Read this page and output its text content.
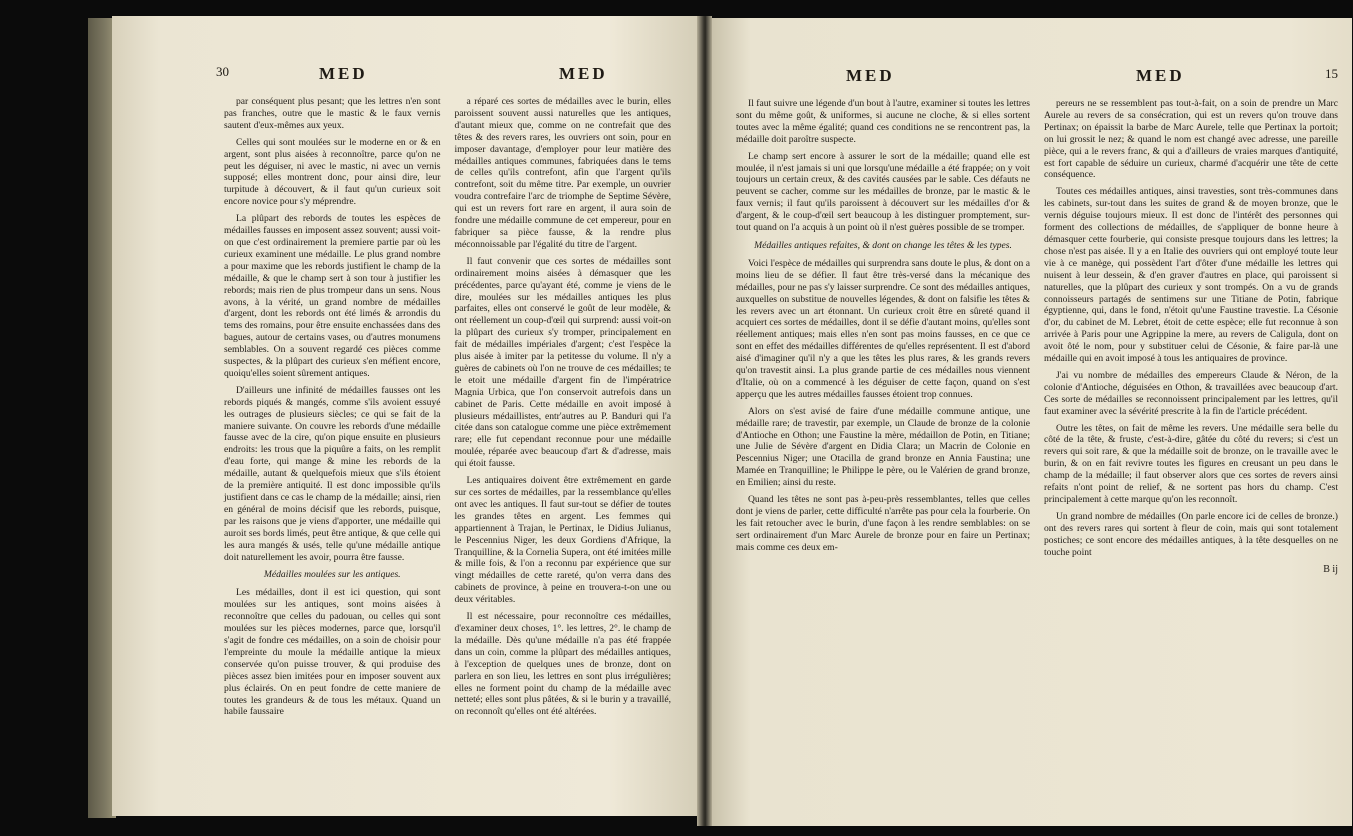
30	MED	MED

par conséquent plus pesant; que les lettres n'en sont pas franches, outre que le mastic & le faux vernis sautent d'eux-mêmes aux yeux.

Celles qui sont moulées sur le moderne en or & en argent, sont plus aisées à reconnoître, parce qu'on ne peut les déguiser, ni avec le mastic, ni avec un vernis supposé; elles montrent donc, pour ainsi dire, leur turpitude à découvert, & il faut qu'un curieux soit encore novice pour s'y méprendre.

La plûpart des rebords de toutes les espèces de médailles fausses en imposent assez souvent; aussi voit-on que c'est ordinairement la premiere partie par où les curieux examinent une médaille. Le plus grand nombre a pour maxime que les rebords justifient le champ de la médaille, & que le champ sert à son tour à justifier les rebords; mais rien de plus trompeur dans un sens. Nous avons, à la vérité, un grand nombre de médailles d'argent, dont les rebords ont été limés & arrondis du tems des romains, pour être ensuite enchassées dans des bagues, autour de certains vases, ou d'autres monumens semblables. On a souvent regardé ces pièces comme suspectes, & la plûpart des curieux s'en méfient encore, quoiqu'elles soient sûrement antiques.

D'ailleurs une infinité de médailles fausses ont les rebords piqués & mangés, comme s'ils avoient essuyé les outrages de plusieurs siècles; ce qui se fait de la maniere suivante. On couvre les rebords d'une médaille fausse avec de la cire, qu'on pique ensuite en plusieurs endroits: les trous que la piquûre a faits, on les remplit d'eau forte, qui mange & mine les rebords de la médaille, autant & quelquefois mieux que s'ils étoient de la première antiquité. Il est donc impossible qu'ils justifient dans ce cas le champ de la médaille; ainsi, rien en général de moins décisif que les rebords, puisque, par les raisons que je viens d'apporter, une médaille qui auroit ses bords limés, peut être antique, & que celle qui les aura mangés & usés, telle qu'une médaille antique doit naturellement les avoir, pourra être fausse.

Médailles moulées sur les antiques.

Les médailles, dont il est ici question, qui sont moulées sur les antiques, sont moins aisées à reconnoître que celles du padouan, ou celles qui sont moulées sur les pièces modernes, parce que, lorsqu'il s'agit de fondre ces médailles, on a soin de choisir pour l'empreinte du moule la médaille antique la mieux conservée qu'on puisse trouver, & qui produise des pièces assez bien imitées pour en imposer souvent aux plus éclairés. On en peut fondre de cette maniere de toutes les grandeurs & de tous les métaux. Quand un habile faussaire

a réparé ces sortes de médailles avec le burin, elles paroissent souvent aussi naturelles que les antiques, d'autant mieux que, comme on ne contrefait que des têtes & des revers rares, les ouvriers ont soin, pour en imposer davantage, d'employer pour leur matière des médailles antiques communes, fabriquées dans le tems de celles qu'ils contrefont, afin que l'argent qu'ils contrefont, soit du même titre. Par exemple, un ouvrier voudra contrefaire l'arc de triomphe de Septime Sévère, qui est un revers fort rare en argent, il aura soin de fondre une médaille commune de cet empereur, pour en fabriquer sa pièce fausse, & la rendre plus méconnoissable par l'égalité du titre de l'argent.

Il faut convenir que ces sortes de médailles sont ordinairement moins aisées à démasquer que les précédentes, parce qu'ayant été, comme je viens de le dire, moulées sur les médailles antiques les plus parfaites, elles ont conservé le goût de leur modèle, & ont réellement un coup-d'œil qui surprend: aussi voit-on la plûpart des curieux s'y tromper, principalement en fait de médailles impériales d'argent; c'est l'espèce la plus aisée à imiter par la petitesse du volume. Il n'y a guères de cabinets où l'on ne trouve de ces médailles; te le etoit une médaille d'argent fin de l'impératrice Magnia Urbica, que l'on conservoit autrefois dans un cabinet de Paris. Cette médaille en avoit imposé à plusieurs médaillistes, entr'autres au P. Banduri qui l'a citée dans son catalogue comme une pièce extrêmement rare; elle fut cependant reconnue pour une médaille moulée, réparée avec beaucoup d'art & d'adresse, mais qui étoit fausse.

Les antiquaires doivent être extrêmement en garde sur ces sortes de médailles, par la ressemblance qu'elles ont avec les antiques. Il faut sur-tout se défier de toutes les grandes têtes en argent. Les femmes qui appartiennent à Trajan, le Pertinax, le Didius Julianus, le Pescennius Niger, les deux Gordiens d'Afrique, la Tranquilline, & la Cornelia Supera, ont été imitées mille & mille fois, & l'on a reconnu par expérience que sur vingt médailles de cette rareté, qu'on verra dans des cabinets de province, à peine en trouvera-t-on une ou deux véritables.

Il est nécessaire, pour reconnoître ces médailles, d'examiner deux choses, 1°. les lettres, 2°. le champ de la médaille. Dès qu'une médaille n'a pas été frappée dans un coin, comme la plûpart des médailles antiques, à l'exception de quelques unes de bronze, dont on parlera en son lieu, les lettres en sont plus irrégulières; elles ne forment point du champ de la médaille avec netteté; elles sont plus pâtées, & si le burin y a travaillé, on reconnoît qu'elles ont été altérées.

MED	MED	15

Il faut suivre une légende d'un bout à l'autre, examiner si toutes les lettres sont du même goût, & uniformes, si aucune ne cloche, & si elles sortent toutes avec la même égalité; quand ces conditions ne se rencontrent pas, la médaille doit paroître suspecte.

Le champ sert encore à assurer le sort de la médaille; quand elle est moulée, il n'est jamais si uni que lorsqu'une médaille a été frappée; on y voit toujours un certain creux, & des cavités causées par le sable. Ces défauts ne peuvent se cacher, comme sur les médailles de bronze, par le mastic & le faux vernis; il faut qu'ils paroissent à découvert sur les médailles d'or & d'argent, & le coup-d'œil sert beaucoup à les distinguer promptement, sur-tout quand on l'a acquis à un point où il n'est guères possible de se tromper.

Médailles antiques refaites, & dont on change les têtes & les types.

Voici l'espèce de médailles qui surprendra sans doute le plus, & dont on a moins lieu de se défier. Il faut être très-versé dans la mécanique des médailles, pour ne pas s'y laisser surprendre. Ce sont des médailles antiques, auxquelles on substitue de nouvelles légendes, & dont on falsifie les têtes & les revers avec un art étonnant. Un curieux croit être en sûreté quand il acquiert ces sortes de médailles, dont il se défie d'autant moins, qu'elles sont réellement antiques; mais elles n'en sont pas moins fausses, en ce que ce sont en effet des médailles différentes de qu'elles représentent. Il est d'abord aisé d'imaginer qu'il n'y a que les têtes les plus rares, & les grands revers qu'on travestit ainsi. La plus grande partie de ces médailles nous viennent d'Italie, où on a commencé à les déguiser de cette façon, quand on s'est apperçu que les autres médailles fausses étoient trop connues.

Alors on s'est avisé de faire d'une médaille commune antique, une médaille rare; de travestir, par exemple, un Claude de bronze de la colonie d'Antioche en Othon; une Faustine la mère, médaillon de Potin, en Titiane; une Julie de Sévère d'argent en Didia Clara; un Macrin de Colonie en Pescennius Niger; une Otacilla de grand bronze en Annia Faustina; une Mamée en Tranquilline; le Philippe le père, ou le Valérien de grand bronze, en Emilien; ainsi du reste.

Quand les têtes ne sont pas à-peu-près ressemblantes, telles que celles dont je viens de parler, cette difficulté n'arrête pas pour cela la fourberie. On les fait retoucher avec le burin, d'une façon à les rendre semblables: on se sert ordinairement d'un Marc Aurele de bronze pour en faire un Pertinax; mais comme ces deux em-

pereurs ne se ressemblent pas tout-à-fait, on a soin de prendre un Marc Aurele au revers de sa consécration, qui est un revers qu'on trouve dans Pertinax; on épaissit la barbe de Marc Aurele, telle que Pertinax la portoit; on lui grossit le nez; & quand le nom est changé avec adresse, une pareille pièce, qui a le revers franc, & qui a d'ailleurs de vraies marques d'antiquité, est fort capable de séduire un curieux, charmé d'acquérir une tête de cette conséquence.

Toutes ces médailles antiques, ainsi travesties, sont très-communes dans les cabinets, sur-tout dans les suites de grand & de moyen bronze, que le vernis déguise toujours mieux. Il est donc de l'intérêt des personnes qui forment des collections de médailles, de s'appliquer de bonne heure à démasquer cette fourberie, qui consiste presque toujours dans les lettres; la chose n'est pas aisée. Il y a en Italie des ouvriers qui ont employé toute leur vie à ce manège, qui possèdent l'art d'ôter d'une médaille les lettres qui nuisent à leur dessein, & d'en graver d'autres en place, qui paroissent si naturelles, que la plûpart des curieux y sont trompés. On a vu de grands connoisseurs partagés de sentimens sur une Titiane de Potin, fabrique égyptienne, qui, dans le fond, n'étoit qu'une Faustine travestie. La Césonie d'or, du cabinet de M. Lebret, étoit de cette espèce; elle fut reconnue à son arrivée à Paris pour une Agrippine la mere, au revers de Caligula, dont on avoit ôté le nom, pour y substituer celui de Césonie, & faire par-là une médaille qui en avoit imposé à tous les antiquaires de province.

J'ai vu nombre de médailles des empereurs Claude & Néron, de la colonie d'Antioche, déguisées en Othon, & travaillées avec beaucoup d'art. Ces sorte de médailles se reconnoissent principalement par les lettres, qu'il faut examiner avec la sévérité prescrite à la fin de l'article précédent.

Outre les têtes, on fait de même les revers. Une médaille sera belle du côté de la tête, & fruste, c'est-à-dire, gâtée du côté du revers; si c'est un revers qui soit rare, & que la médaille soit de bronze, on le travaille avec le burin, & on en fait revivre toutes les figures en creusant un peu dans le champ de la médaille; il faut observer alors que ces sortes de revers ainsi refaits n'ont point de relief, & ne sortent pas hors du champ. C'est principalement à cette marque qu'on les reconnoît.

Un grand nombre de médailles (On parle encore ici de celles de bronze.) ont des revers rares qui sortent à fleur de coin, mais qui sont totalement postiches; ce sont encore des médailles antiques, à la tête desquelles on ne touche point

B ij
